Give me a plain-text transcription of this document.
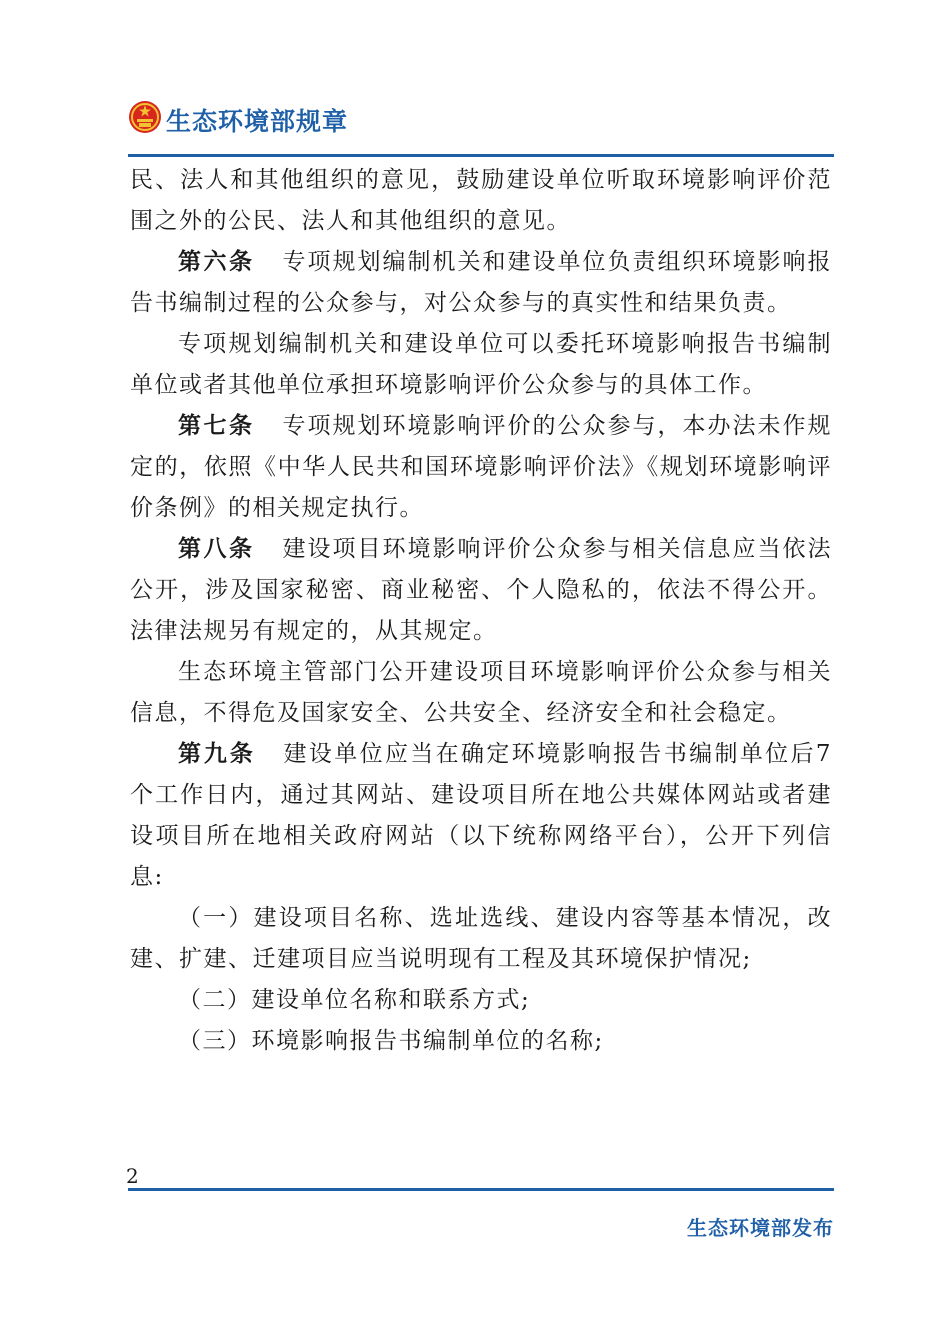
生态环境部规章

民、法人和其他组织的意见，鼓励建设单位听取环境影响评价范围之外的公民、法人和其他组织的意见。

第六条 专项规划编制机关和建设单位负责组织环境影响报告书编制过程的公众参与，对公众参与的真实性和结果负责。

专项规划编制机关和建设单位可以委托环境影响报告书编制单位或者其他单位承担环境影响评价公众参与的具体工作。

第七条 专项规划环境影响评价的公众参与，本办法未作规定的，依照《中华人民共和国环境影响评价法》《规划环境影响评价条例》的相关规定执行。

第八条 建设项目环境影响评价公众参与相关信息应当依法公开，涉及国家秘密、商业秘密、个人隐私的，依法不得公开。法律法规另有规定的，从其规定。

生态环境主管部门公开建设项目环境影响评价公众参与相关信息，不得危及国家安全、公共安全、经济安全和社会稳定。

第九条 建设单位应当在确定环境影响报告书编制单位后7个工作日内，通过其网站、建设项目所在地公共媒体网站或者建设项目所在地相关政府网站（以下统称网络平台），公开下列信息:

（一）建设项目名称、选址选线、建设内容等基本情况，改建、扩建、迁建项目应当说明现有工程及其环境保护情况;

（二）建设单位名称和联系方式;

（三）环境影响报告书编制单位的名称;

2
生态环境部发布
